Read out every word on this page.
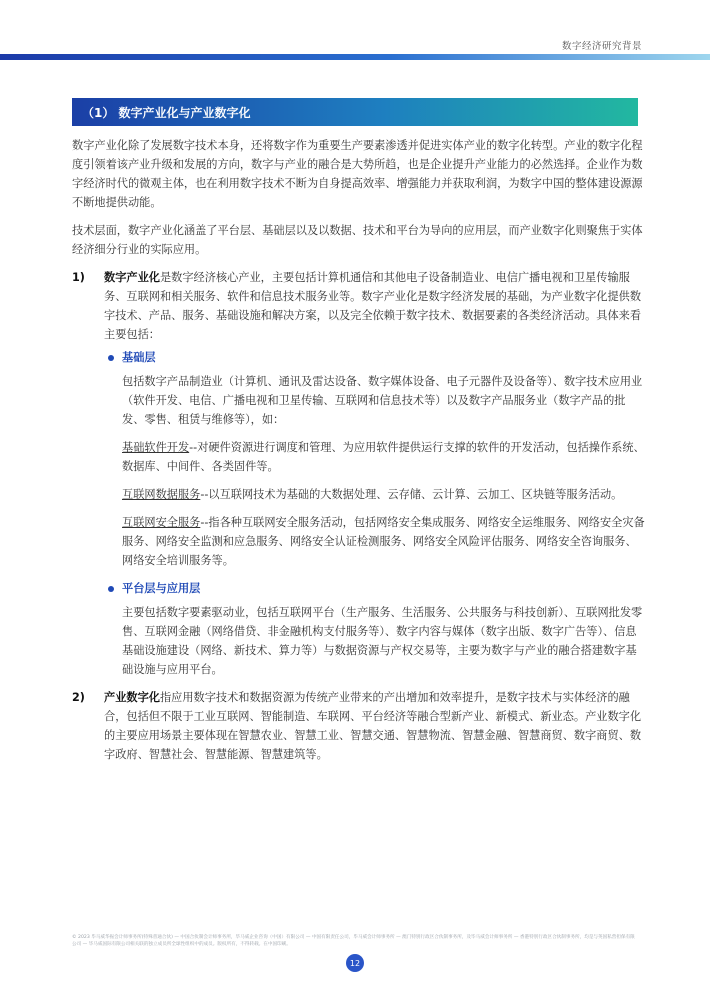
数字经济研究背景
（1） 数字产业化与产业数字化

数字产业化除了发展数字技术本身，还将数字作为重要生产要素渗透并促进实体产业的数字化转型。产业的数字化程度引领着该产业升级和发展的方向，数字与产业的融合是大势所趋，也是企业提升产业能力的必然选择。企业作为数字经济时代的微观主体，也在利用数字技术不断为自身提高效率、增强能力并获取利润，为数字中国的整体建设源源不断地提供动能。

技术层面，数字产业化涵盖了平台层、基础层以及以数据、技术和平台为导向的应用层，而产业数字化则聚焦于实体经济细分行业的实际应用。

1) 数字产业化是数字经济核心产业，主要包括计算机通信和其他电子设备制造业、电信广播电视和卫星传输服务、互联网和相关服务、软件和信息技术服务业等。数字产业化是数字经济发展的基础，为产业数字化提供数字技术、产品、服务、基础设施和解决方案，以及完全依赖于数字技术、数据要素的各类经济活动。具体来看主要包括：
基础层

包括数字产品制造业（计算机、通讯及雷达设备、数字媒体设备、电子元器件及设备等）、数字技术应用业（软件开发、电信、广播电视和卫星传输、互联网和信息技术等）以及数字产品服务业（数字产品的批发、零售、租赁与维修等），如：

基础软件开发--对硬件资源进行调度和管理、为应用软件提供运行支撑的软件的开发活动，包括操作系统、数据库、中间件、各类固件等。

互联网数据服务--以互联网技术为基础的大数据处理、云存储、云计算、云加工、区块链等服务活动。

互联网安全服务--指各种互联网安全服务活动，包括网络安全集成服务、网络安全运维服务、网络安全灾备服务、网络安全监测和应急服务、网络安全认证检测服务、网络安全风险评估服务、网络安全咨询服务、网络安全培训服务等。

平台层与应用层

主要包括数字要素驱动业，包括互联网平台（生产服务、生活服务、公共服务与科技创新）、互联网批发零售、互联网金融（网络借贷、非金融机构支付服务等）、数字内容与媒体（数字出版、数字广告等）、信息基础设施建设（网络、新技术、算力等）与数据资源与产权交易等，主要为数字与产业的融合搭建数字基础设施与应用平台。

2) 产业数字化指应用数字技术和数据资源为传统产业带来的产出增加和效率提升，是数字技术与实体经济的融合，包括但不限于工业互联网、智能制造、车联网、平台经济等融合型新产业、新模式、新业态。产业数字化的主要应用场景主要体现在智慧农业、智慧工业、智慧交通、智慧物流、智慧金融、智慧商贸、数字商贸、数字政府、智慧社会、智慧能源、智慧建筑等。
© 2023 毕马威华振会计师事务所(特殊普通合伙) — 中国合伙制会计师事务所，毕马威企业咨询（中国）有限公司 — 中国有限责任公司，毕马威会计师事务所 — 澳门特别行政区合伙制事务所，及毕马威会计师事务所 — 香港特别行政区合伙制事务所，均是与英国私营担保有限公司 — 毕马威国际有限公司相关联的独立成员所全球性组织中的成员。版权所有，不得转载。在中国印刷。
12
